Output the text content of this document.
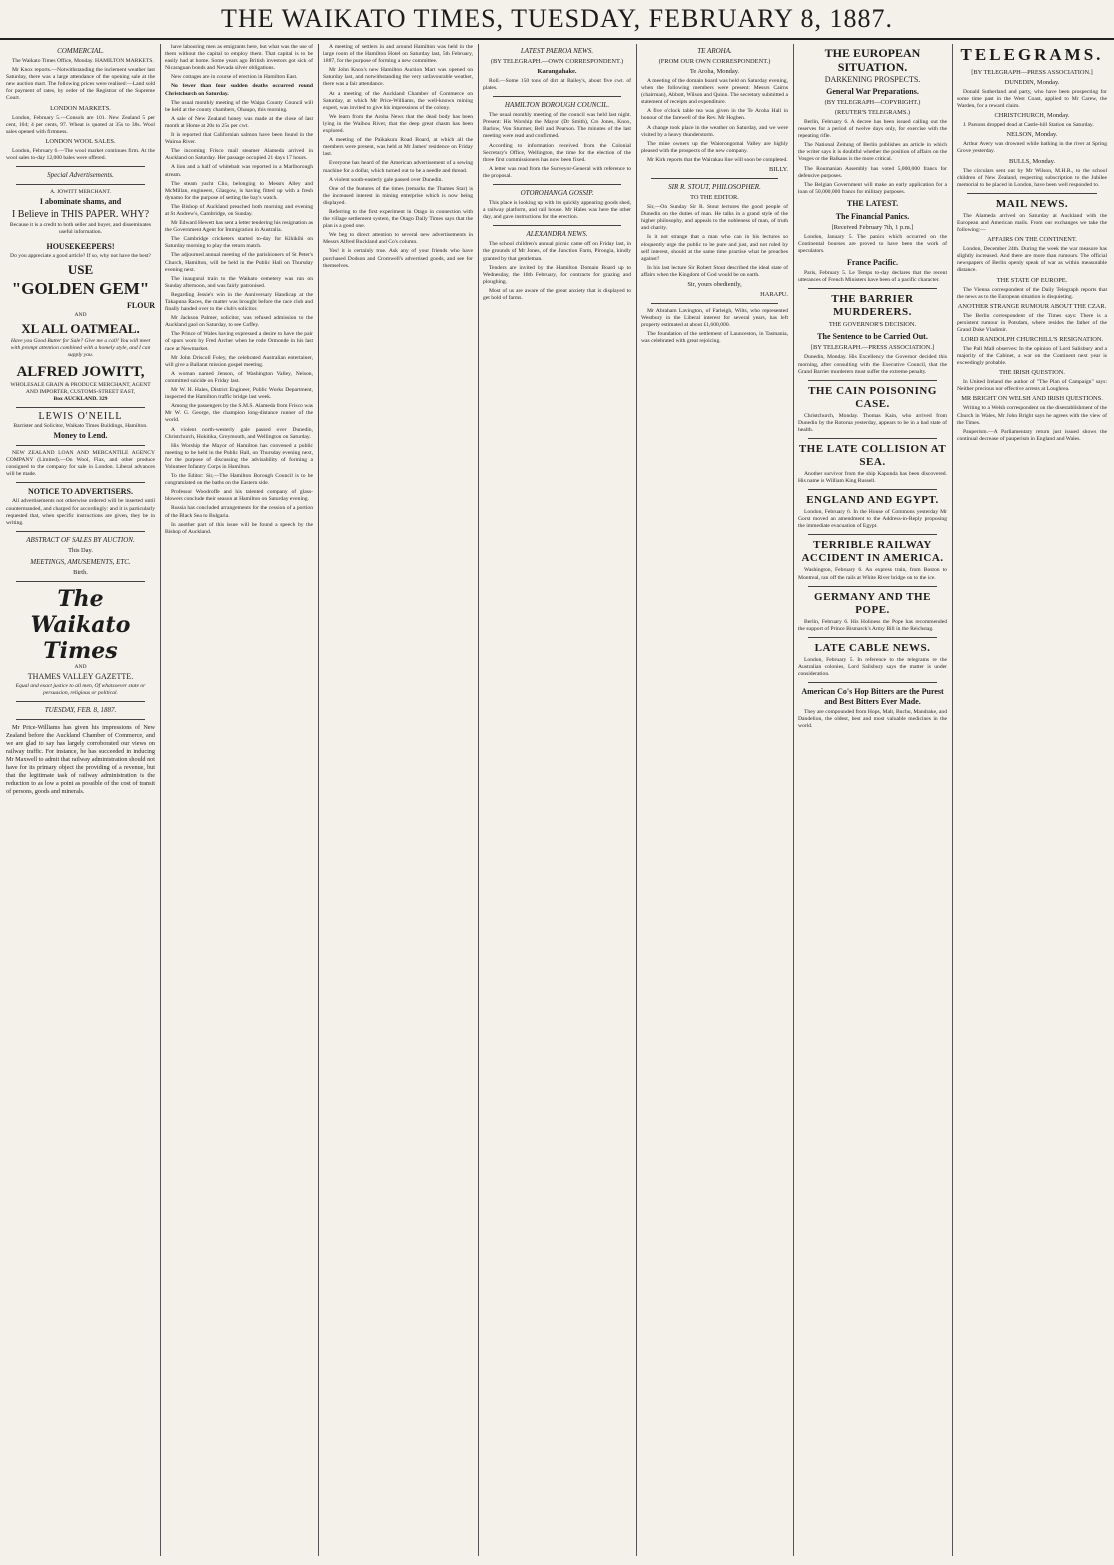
THE WAIKATO TIMES, TUESDAY, FEBRUARY 8, 1887.
COMMERCIAL.

The Waikato Times Office, Monday. HAMILTON MARKETS.

Mr Knox reports.—Notwithstanding the inclement weather last Saturday, there was a large attendance of the opening sale at the new auction mart. The following prices were realised:—Land sold for payment of rates, by order of the Registrar of the Supreme Court.

LONDON MARKETS.

London, February 5.—Consols are 101. New Zealand 5 per cent, 104; 4 per cents, 97. Wheat is quoted at 35s to 38s. Wool sales opened with firmness.

LONDON WOOL SALES.

London, February 6.—The wool market continues firm. At the wool sales to-day 12,000 bales were offered.

Special Advertisements.
A. JOWITT MERCHANT.
I abominate shams, and
I Believe in THIS PAPER. WHY?
Because it is a credit to both seller and buyer, and disseminates useful information.
HOUSEKEEPERS!
Do you appreciate a good article? If so, why not have the best?
USE
"GOLDEN GEM"
FLOUR
AND
XL ALL OATMEAL.
Have you Good Butter for Sale? Give me a call! You will meet with prompt attention combined with a homely style, and I can supply you.
ALFRED JOWITT,
WHOLESALE GRAIN & PRODUCE MERCHANT, AGENT AND IMPORTER, CUSTOMS-STREET EAST,
Box AUCKLAND. 329
LEWIS O'NEILL
Barrister and Solicitor, Waikato Times Buildings, Hamilton.
Money to Lend.

NEW ZEALAND LOAN AND MERCANTILE AGENCY COMPANY (Limited).—On Wool, Flax, and other produce consigned to the company for sale in London. Liberal advances will be made.

NOTICE TO ADVERTISERS.

All advertisements not otherwise ordered will be inserted until countermanded, and charged for accordingly: and it is particularly requested that, when specific instructions are given, they be in writing.

ABSTRACT OF SALES BY AUCTION.
This Day.
MEETINGS, AMUSEMENTS, ETC.
Birth.
The Waikato Times
AND
THAMES VALLEY GAZETTE.
Equal and exact justice to all men, Of whatsoever state or persuasion, religious or political.
TUESDAY, FEB. 8, 1887.

Mr Price-Williams has given his impressions of New Zealand before the Auckland Chamber of Commerce, and we are glad to say has largely corroborated our views on railway traffic. For instance, he has succeeded in inducing Mr Maxwell to admit that railway administration should not have for its primary object the providing of a revenue, but that the legitimate task of railway administration is the reduction to as low a point as possible of the cost of transit of persons, goods and minerals.

have labouring men as emigrants here, but what was the use of them without the capital to employ them. That capital is to be easily had at home. Some years ago British investors got sick of Nicaraguan bonds and Nevada silver obligations.

New cottages are in course of erection in Hamilton East.

No fewer than four sudden deaths occurred round Christchurch on Saturday.

The usual monthly meeting of the Waipa County Council will be held at the county chambers, Ohaupo, this morning.

A sale of New Zealand honey was made at the close of last month at Home at 20s to 25s per cwt.

It is reported that Californian salmon have been found in the Wairoa River.

The incoming Frisco mail steamer Alameda arrived in Auckland on Saturday. Her passage occupied 21 days 17 hours.

A lion and a half of whitebait was reported in a Marlborough stream.

The steam yacht Clio, belonging to Messrs Alley and McMillan, engineers, Glasgow, is having fitted up with a fresh dynamo for the purpose of setting the bay's watch.

The Bishop of Auckland preached both morning and evening at St Andrew's, Cambridge, on Sunday.

Mr Edward Hewett has sent a letter tendering his resignation as the Government Agent for Immigration in Australia.

The Cambridge cricketers started to-day for Kihikihi on Saturday morning to play the return match.

The adjourned annual meeting of the parishioners of St Peter's Church, Hamilton, will be held in the Public Hall on Thursday evening next.

The inaugural train to the Waikato cemetery was run on Sunday afternoon, and was fairly patronised.

Regarding Jessie's win in the Anniversary Handicap at the Takapuna Races, the matter was brought before the race club and finally handed over to the club's solicitor.

Mr Jackson Palmer, solicitor, was refused admission to the Auckland gaol on Saturday, to see Coffey.

The Prince of Wales having expressed a desire to have the pair of spurs worn by Fred Archer when he rode Ormonde in his last race at Newmarket.

Mr John Driscoll Foley, the celebrated Australian entertainer, will give a Ballarat mission gospel meeting.

A woman named Jenson, of Washington Valley, Nelson, committed suicide on Friday last.

Mr W. H. Hales, District Engineer, Public Works Department, inspected the Hamilton traffic bridge last week.

Among the passengers by the S.M.S. Alameda from Frisco was Mr W. G. George, the champion long-distance runner of the world.

A violent north-westerly gale passed over Dunedin, Christchurch, Hokitika, Greymouth, and Wellington on Saturday.

His Worship the Mayor of Hamilton has convened a public meeting to be held in the Public Hall, on Thursday evening next, for the purpose of discussing the advisability of forming a Volunteer Infantry Corps in Hamilton.

To the Editor: Sir,—The Hamilton Borough Council is to be congratulated on the baths on the Eastern side.

Professor Woodroffe and his talented company of glass-blowers conclude their season at Hamilton on Saturday evening.

Russia has concluded arrangements for the cession of a portion of the Black Sea to Bulgaria.

In another part of this issue will be found a speech by the Bishop of Auckland.

A meeting of settlers in and around Hamilton was held in the large room of the Hamilton Hotel on Saturday last, 5th February, 1887, for the purpose of forming a new committee.

Mr John Knox's new Hamilton Auction Mart was opened on Saturday last, and notwithstanding the very unfavourable weather, there was a fair attendance.

At a meeting of the Auckland Chamber of Commerce on Saturday, at which Mr Price-Williams, the well-known mining expert, was invited to give his impressions of the colony.

We learn from the Aroha News that the dead body has been lying in the Waihou River, that the deep great chasm has been explored.

A meeting of the Paikakura Road Board, at which all the members were present, was held at Mr James' residence on Friday last.

Everyone has heard of the American advertisement of a sewing machine for a dollar, which turned out to be a needle and thread.

A violent south-easterly gale passed over Dunedin.

One of the features of the times (remarks the Thames Star) is the increased interest in mining enterprise which is now being displayed.

Referring to the first experiment in Otago in connection with the village settlement system, the Otago Daily Times says that the plan is a good one.

We beg to direct attention to several new advertisements in Messrs Alfred Buckland and Co's column.

Yes! it is certainly true. Ask any of your friends who have purchased Dodson and Cromwell's advertised goods, and see for themselves.

LATEST PAEROA NEWS.
(BY TELEGRAPH.—OWN CORRESPONDENT.)
Karangahake.

Roll.—Some 150 tons of dirt at Bailey's, about five cwt. of plates.

HAMILTON BOROUGH COUNCIL.

The usual monthly meeting of the council was held last night. Present: His Worship the Mayor (Dr Smith), Crs Jones, Knox, Barlow, Von Sturmer, Bell and Pearson. The minutes of the last meeting were read and confirmed.

According to information received from the Colonial Secretary's Office, Wellington, the time for the election of the three first commissioners has now been fixed.

A letter was read from the Surveyor-General with reference to the proposal.

OTOROHANGA GOSSIP.

This place is looking up with its quickly appearing goods shed, a railway platform, and rail house. Mr Hales was here the other day, and gave instructions for the erection.

ALEXANDRA NEWS.

The school children's annual picnic came off on Friday last, in the grounds of Mr Jones, of the Junction Farm, Pirongia, kindly granted by that gentleman.

Tenders are invited by the Hamilton Domain Board up to Wednesday, the 16th February, for contracts for grazing and ploughing.

Most of us are aware of the great anxiety that is displayed to get hold of farms.

TE AROHA.
(FROM OUR OWN CORRESPONDENT.)
Te Aroha, Monday.

A meeting of the domain board was held on Saturday evening, when the following members were present: Messrs Cairns (chairman), Abbott, Wilson and Quinn. The secretary submitted a statement of receipts and expenditure.

A five o'clock table tea was given in the Te Aroha Hall in honour of the farewell of the Rev. Mr Hogben.

A change took place in the weather on Saturday, and we were visited by a heavy thunderstorm.

The mine owners up the Waiorongomai Valley are highly pleased with the prospects of the new company.

Mr Kirk reports that the Wairakau line will soon be completed.

BILLY.
SIR R. STOUT, PHILOSOPHER.
TO THE EDITOR.

Sir,—On Sunday Sir R. Stout lectures the good people of Dunedin on the duties of man. He talks in a grand style of the higher philosophy, and appeals to the nobleness of man, of truth and charity.

Is it not strange that a man who can in his lectures so eloquently urge the public to be pure and just, and not ruled by self interest, should at the same time practise what he preaches against?

In his last lecture Sir Robert Stout described the ideal state of affairs when the Kingdom of God would be on earth.

Sir, yours obediently,
HARAPU.

Mr Abraham Lavington, of Farleigh, Wilts, who represented Westbury in the Liberal interest for several years, has left property estimated at about £1,600,000.

The foundation of the settlement of Launceston, in Tasmania, was celebrated with great rejoicing.

THE EUROPEAN SITUATION.
DARKENING PROSPECTS.
General War Preparations.
(BY TELEGRAPH—COPYRIGHT.)
(REUTER'S TELEGRAMS.)

Berlin, February 6. A decree has been issued calling out the reserves for a period of twelve days only, for exercise with the repeating rifle.

The National Zeitung of Berlin publishes an article in which the writer says it is doubtful whether the position of affairs on the Vosges or the Balkans is the more critical.

The Roumanian Assembly has voted 5,000,000 francs for defensive purposes.

The Belgian Government will make an early application for a loan of 50,000,000 francs for military purposes.

THE LATEST.
The Financial Panics.
[Received February 7th, 1 p.m.]

London, January 5. The panics which occurred on the Continental bourses are proved to have been the work of speculators.

France Pacific.

Paris, February 5. Le Temps to-day declares that the recent utterances of French Ministers have been of a pacific character.

THE BARRIER MURDERERS.
THE GOVERNOR'S DECISION.
The Sentence to be Carried Out.
[BY TELEGRAPH.—PRESS ASSOCIATION.]

Dunedin, Monday. His Excellency the Governor decided this morning, after consulting with the Executive Council, that the Grand Barrier murderers must suffer the extreme penalty.

THE CAIN POISONING CASE.

Christchurch, Monday. Thomas Kain, who arrived from Dunedin by the Rotorua yesterday, appears to be in a bad state of health.

THE LATE COLLISION AT SEA.

Another survivor from the ship Kapunda has been discovered. His name is William King Russell.

ENGLAND AND EGYPT.

London, February 6. In the House of Commons yesterday Mr Gorst moved an amendment to the Address-in-Reply proposing the immediate evacuation of Egypt.

TERRIBLE RAILWAY ACCIDENT IN AMERICA.

Washington, February 6. An express train, from Boston to Montreal, ran off the rails at White River bridge on to the ice.

GERMANY AND THE POPE.

Berlin, February 6. His Holiness the Pope has recommended the support of Prince Bismarck's Army Bill in the Reichstag.

LATE CABLE NEWS.

London, February 5. In reference to the telegrams re the Australian colonies, Lord Salisbury says the matter is under consideration.

American Co's Hop Bitters are the Purest and Best Bitters Ever Made.

They are compounded from Hops, Malt, Buchu, Mandrake, and Dandelion, the oldest, best and most valuable medicines in the world.

TELEGRAMS.
[BY TELEGRAPH—PRESS ASSOCIATION.]
DUNEDIN, Monday.

Donald Sutherland and party, who have been prospecting for some time past in the West Coast, applied to Mr Carew, the Warden, for a reward claim.

CHRISTCHURCH, Monday.

J. Parsons dropped dead at Castle-hill Station on Saturday.

NELSON, Monday.

Arthur Avery was drowned while bathing in the river at Spring Grove yesterday.

BULLS, Monday.

The circulars sent out by Mr Wilson, M.H.R., to the school children of New Zealand, respecting subscription to the Jubilee memorial to be placed in London, have been well responded to.

MAIL NEWS.

The Alameda arrived on Saturday at Auckland with the European and American mails. From our exchanges we take the following:—

AFFAIRS ON THE CONTINENT.

London, December 24th. During the week the war measure has slightly increased. And there are more than rumours. The official newspapers of Berlin openly speak of war as within measurable distance.

THE STATE OF EUROPE.

The Vienna correspondent of the Daily Telegraph reports that the news as to the European situation is disquieting.

ANOTHER STRANGE RUMOUR ABOUT THE CZAR.

The Berlin correspondent of the Times says: There is a persistent rumour in Potsdam, where resides the father of the Grand Duke Vladimir.

LORD RANDOLPH CHURCHILL'S RESIGNATION.

The Pall Mall observes: In the opinion of Lord Salisbury and a majority of the Cabinet, a war on the Continent next year is exceedingly probable.

THE IRISH QUESTION.

In United Ireland the author of "The Plan of Campaign" says: Neither precious nor effective arrests at Loughrea.

MR BRIGHT ON WELSH AND IRISH QUESTIONS.

Writing to a Welsh correspondent on the disestablishment of the Church in Wales, Mr John Bright says he agrees with the view of the Times.

Pauperism.—A Parliamentary return just issued shows the continual decrease of pauperism in England and Wales.
